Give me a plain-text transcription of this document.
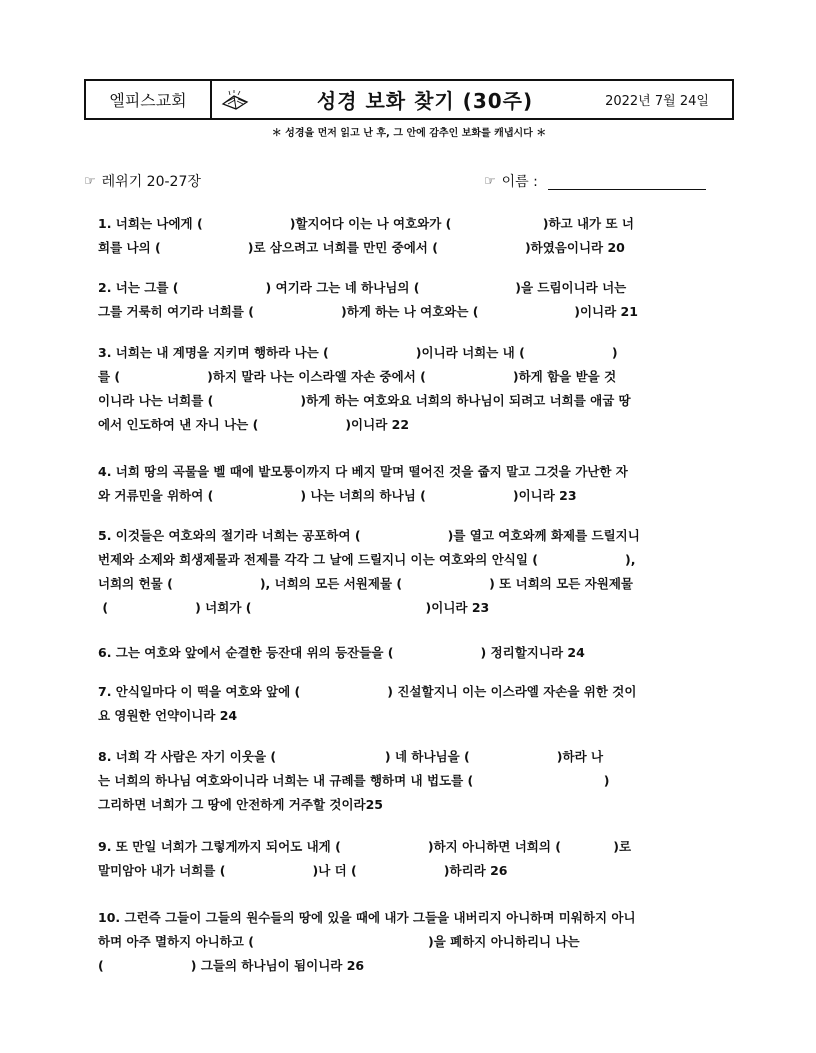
엘피스교회	성경 보화 찾기 (30주)	2022년 7월 24일
＊ 성경을 먼저 읽고 난 후, 그 안에 감추인 보화를 캐냅시다 ＊
☞ 레위기 20-27장	☞ 이름 :

1. 너희는 나에게 (                    )할지어다 이는 나 여호와가 (                     )하고 내가 또 너

희를 나의 (                    )로 삼으려고 너희를 만민 중에서 (                    )하였음이니라 20

2. 너는 그를 (                    ) 여기라 그는 네 하나님의 (                      )을 드림이니라 너는

그를 거룩히 여기라 너희를 (                    )하게 하는 나 여호와는 (                      )이니라 21

3. 너희는 내 계명을 지키며 행하라 나는 (                    )이니라 너희는 내 (                    )

를 (                    )하지 말라 나는 이스라엘 자손 중에서 (                    )하게 함을 받을 것

이니라 나는 너희를 (                    )하게 하는 여호와요 너희의 하나님이 되려고 너희를 애굽 땅

에서 인도하여 낸 자니 나는 (                    )이니라 22

4. 너희 땅의 곡물을 벨 때에 밭모퉁이까지 다 베지 말며 떨어진 것을 줍지 말고 그것을 가난한 자

와 거류민을 위하여 (                    ) 나는 너희의 하나님 (                    )이니라 23

5. 이것들은 여호와의 절기라 너희는 공포하여 (                    )를 열고 여호와께 화제를 드릴지니

번제와 소제와 희생제물과 전제를 각각 그 날에 드릴지니 이는 여호와의 안식일 (                    ),

너희의 헌물 (                    ), 너희의 모든 서원제물 (                    ) 또 너희의 모든 자원제물

(                    ) 너희가 (                                        )이니라 23

6. 그는 여호와 앞에서 순결한 등잔대 위의 등잔들을 (                    ) 정리할지니라 24

7. 안식일마다 이 떡을 여호와 앞에 (                    ) 진설할지니 이는 이스라엘 자손을 위한 것이

요 영원한 언약이니라 24

8. 너희 각 사람은 자기 이웃을 (                         ) 네 하나님을 (                    )하라 나

는 너희의 하나님 여호와이니라 너희는 내 규례를 행하며 내 법도를 (                              )

그리하면 너희가 그 땅에 안전하게 거주할 것이라25

9. 또 만일 너희가 그렇게까지 되어도 내게 (                    )하지 아니하면 너희의 (            )로

말미암아 내가 너희를 (                    )나 더 (                    )하리라 26

10. 그런즉 그들이 그들의 원수들의 땅에 있을 때에 내가 그들을 내버리지 아니하며 미워하지 아니

하며 아주 멸하지 아니하고 (                                        )을 폐하지 아니하리니 나는

(                    ) 그들의 하나님이 됨이니라 26
